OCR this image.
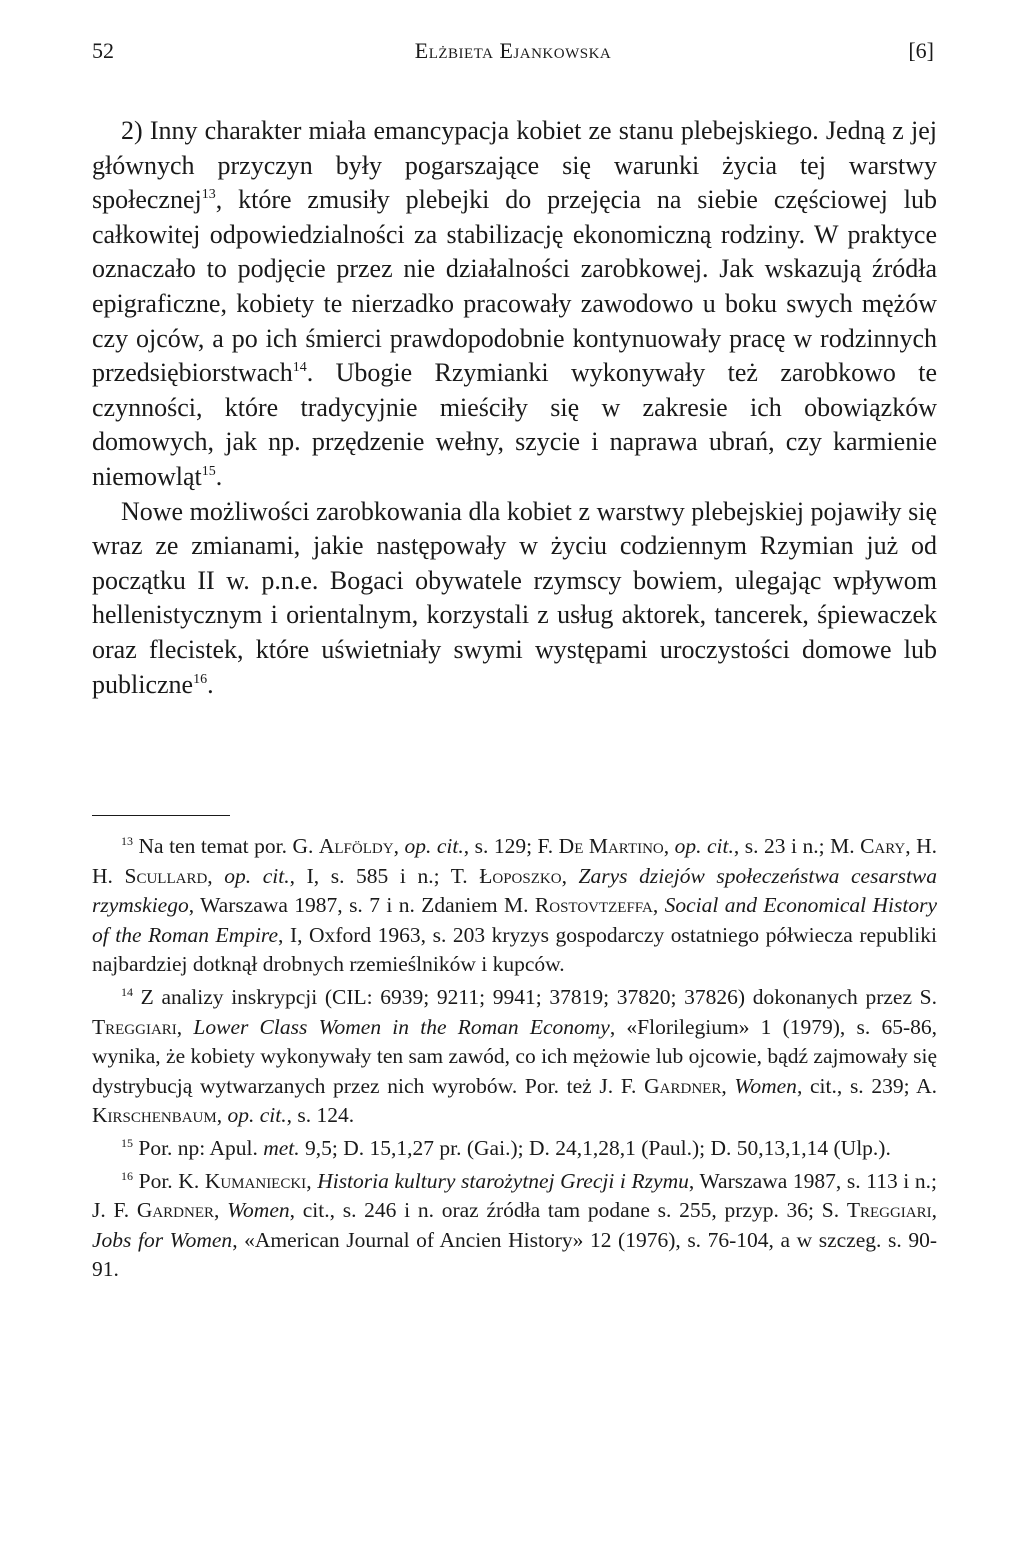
52	Elżbieta Ejankowska	[6]

2) Inny charakter miała emancypacja kobiet ze stanu plebejskiego. Jedną z jej głównych przyczyn były pogarszające się warunki życia tej warstwy społecznej$^{13}$, które zmusiły plebejki do przejęcia na siebie częściowej lub całkowitej odpowiedzialności za stabilizację ekonomiczną rodziny. W praktyce oznaczało to podjęcie przez nie działalności zarobkowej. Jak wskazują źródła epigraficzne, kobiety te nierzadko pracowały zawodowo u boku swych mężów czy ojców, a po ich śmierci prawdopodobnie kontynuowały pracę w rodzinnych przedsiębiorstwach$^{14}$. Ubogie Rzymianki wykonywały też zarobkowo te czynności, które tradycyjnie mieściły się w zakresie ich obowiązków domowych, jak np. przędzenie wełny, szycie i naprawa ubrań, czy karmienie niemowląt$^{15}$.

Nowe możliwości zarobkowania dla kobiet z warstwy plebejskiej pojawiły się wraz ze zmianami, jakie następowały w życiu codziennym Rzymian już od początku II w. p.n.e. Bogaci obywatele rzymscy bowiem, ulegając wpływom hellenistycznym i orientalnym, korzystali z usług aktorek, tancerek, śpiewaczek oraz flecistek, które uświetniały swymi występami uroczystości domowe lub publiczne$^{16}$.

$^{13}$ Na ten temat por. G. Alföldy, op. cit., s. 129; F. De Martino, op. cit., s. 23 i n.; M. Cary, H. H. Scullard, op. cit., I, s. 585 i n.; T. Łoposzko, Zarys dziejów społeczeństwa cesarstwa rzymskiego, Warszawa 1987, s. 7 i n. Zdaniem M. Rostovtzeffa, Social and Economical History of the Roman Empire, I, Oxford 1963, s. 203 kryzys gospodarczy ostatniego półwiecza republiki najbardziej dotknął drobnych rzemieślników i kupców.

$^{14}$ Z analizy inskrypcji (CIL: 6939; 9211; 9941; 37819; 37820; 37826) dokonanych przez S. Treggiari, Lower Class Women in the Roman Economy, «Florilegium» 1 (1979), s. 65-86, wynika, że kobiety wykonywały ten sam zawód, co ich mężowie lub ojcowie, bądź zajmowały się dystrybucją wytwarzanych przez nich wyrobów. Por. też J. F. Gardner, Women, cit., s. 239; A. Kirschenbaum, op. cit., s. 124.

$^{15}$ Por. np: Apul. met. 9,5; D. 15,1,27 pr. (Gai.); D. 24,1,28,1 (Paul.); D. 50,13,1,14 (Ulp.).

$^{16}$ Por. K. Kumaniecki, Historia kultury starożytnej Grecji i Rzymu, Warszawa 1987, s. 113 i n.; J. F. Gardner, Women, cit., s. 246 i n. oraz źródła tam podane s. 255, przyp. 36; S. Treggiari, Jobs for Women, «American Journal of Ancien History» 12 (1976), s. 76-104, a w szczeg. s. 90-91.
